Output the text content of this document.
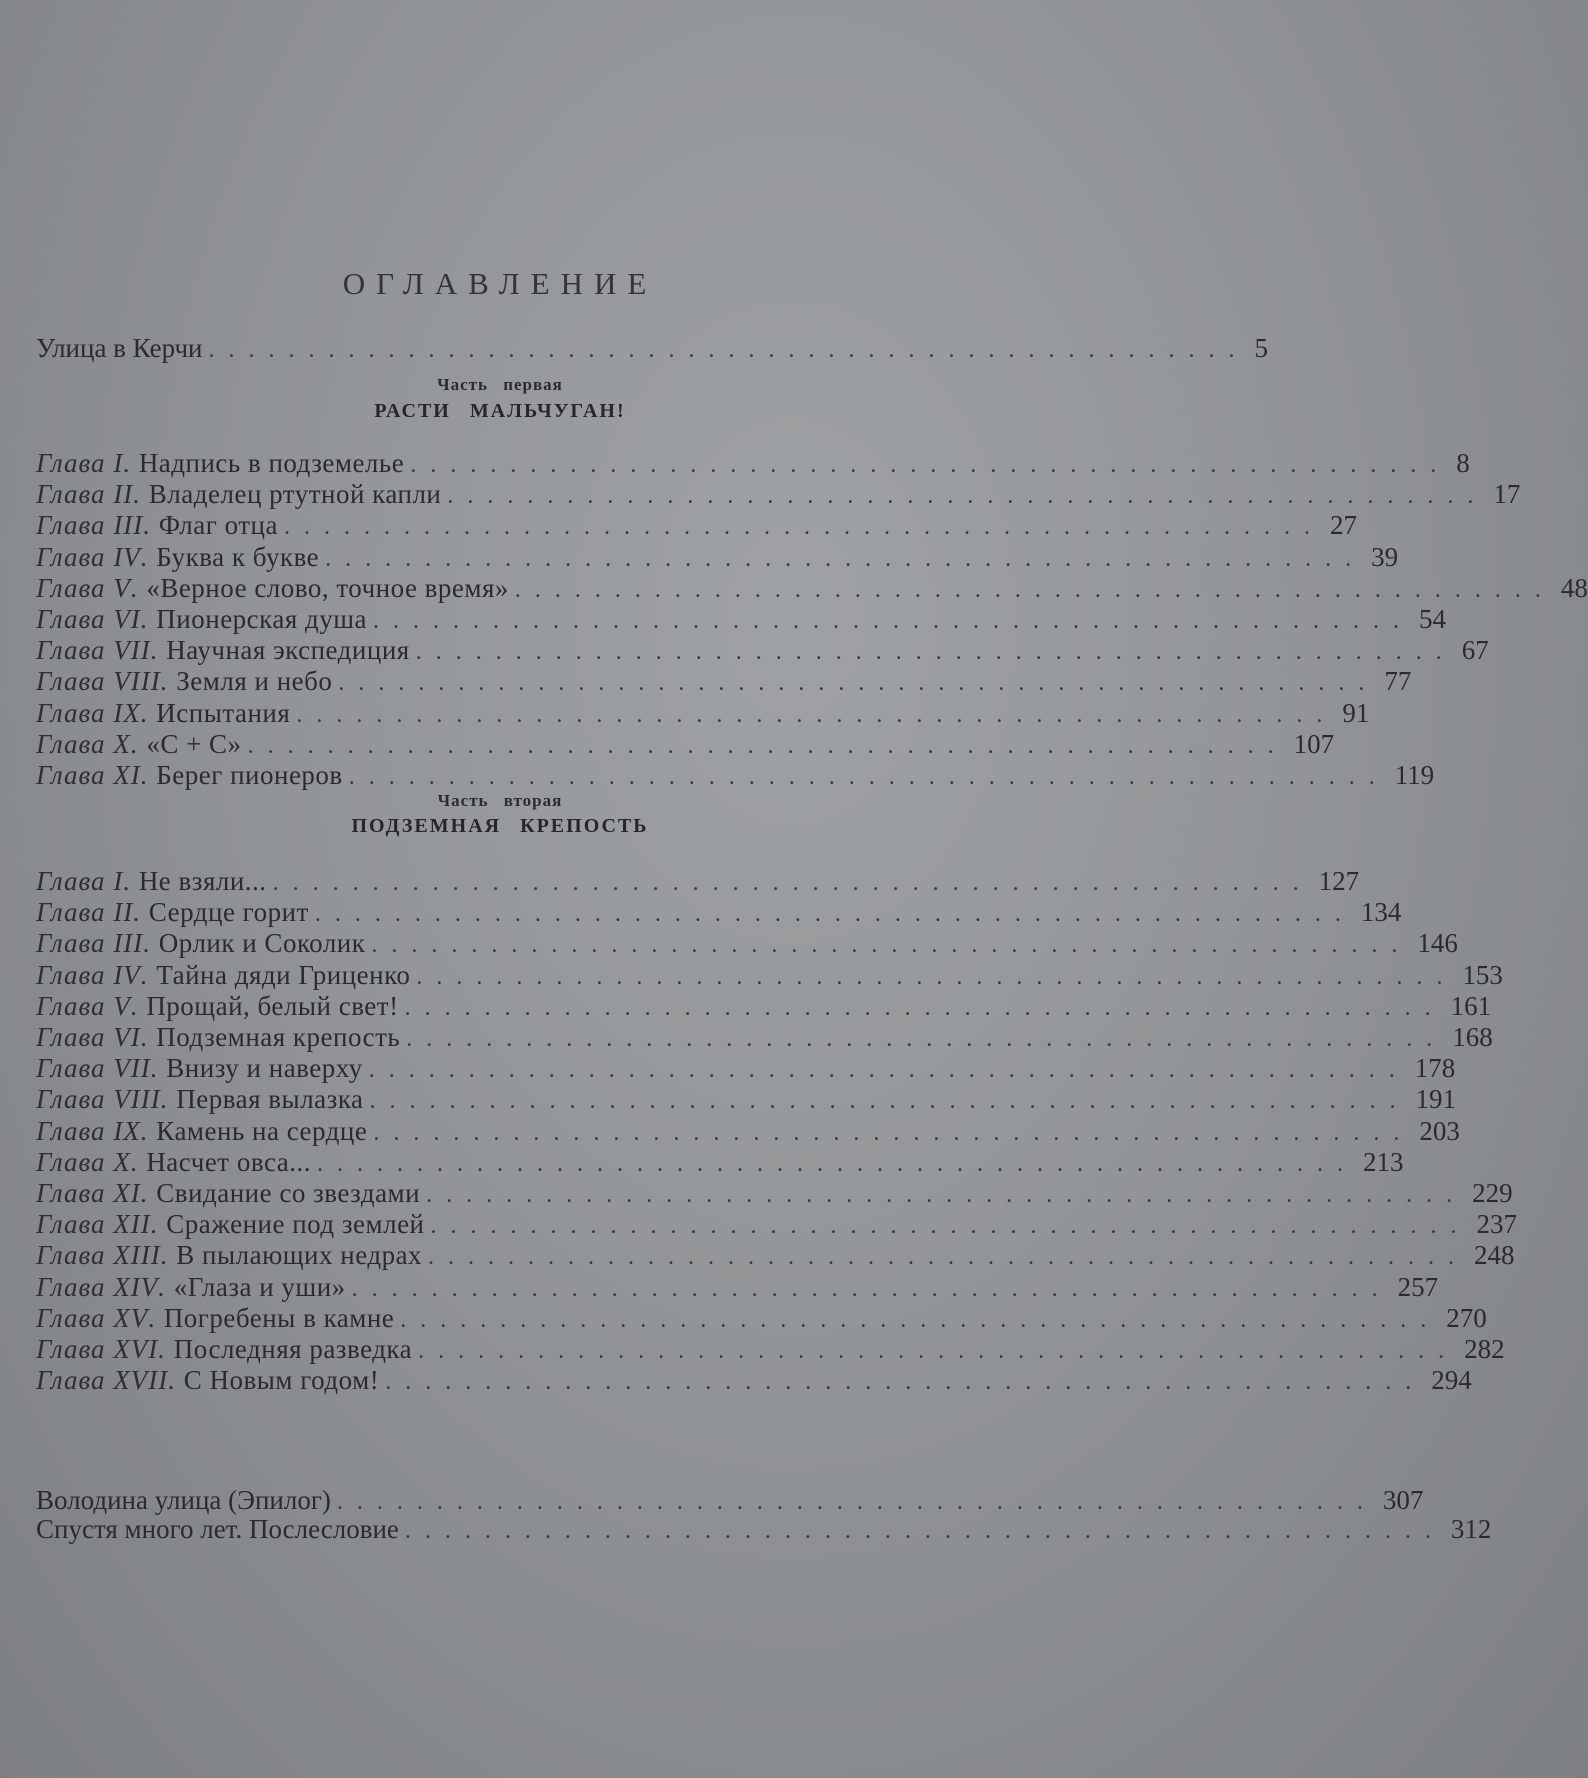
ОГЛАВЛЕНИЕ
Улица в Керчи .................................................... 5
Часть первая
РАСТИ МАЛЬЧУГАН!
Глава
I . Надпись в подземелье .................................................... 8
Глава
II . Владелец ртутной капли .................................................... 17
Глава
III . Флаг отца .................................................... 27
Глава
IV . Буква к букве .................................................... 39
Глава
V . «Верное слово, точное время» .................................................... 48
Глава
VI . Пионерская душа .................................................... 54
Глава
VII . Научная экспедиция .................................................... 67
Глава
VIII . Земля и небо .................................................... 77
Глава
IX . Испытания .................................................... 91
Глава
X . «С + С» .................................................... 107
Глава
XI . Берег пионеров .................................................... 119
Часть вторая
ПОДЗЕМНАЯ КРЕПОСТЬ
Глава
I . Не взяли... .................................................... 127
Глава
II . Сердце горит .................................................... 134
Глава
III . Орлик и Соколик .................................................... 146
Глава
IV . Тайна дяди Гриценко .................................................... 153
Глава
V . Прощай, белый свет! .................................................... 161
Глава
VI . Подземная крепость .................................................... 168
Глава
VII . Внизу и наверху .................................................... 178
Глава
VIII . Первая вылазка .................................................... 191
Глава
IX . Камень на сердце .................................................... 203
Глава
X . Насчет овса... .................................................... 213
Глава
XI . Свидание со звездами .................................................... 229
Глава
XII . Сражение под землей .................................................... 237
Глава
XIII . В пылающих недрах .................................................... 248
Глава
XIV . «Глаза и уши» .................................................... 257
Глава
XV . Погребены в камне .................................................... 270
Глава
XVI . Последняя разведка .................................................... 282
Глава
XVII . С Новым годом! .................................................... 294
Володина улица (Эпилог) .................................................... 307
Спустя много лет. Послесловие .................................................... 312
